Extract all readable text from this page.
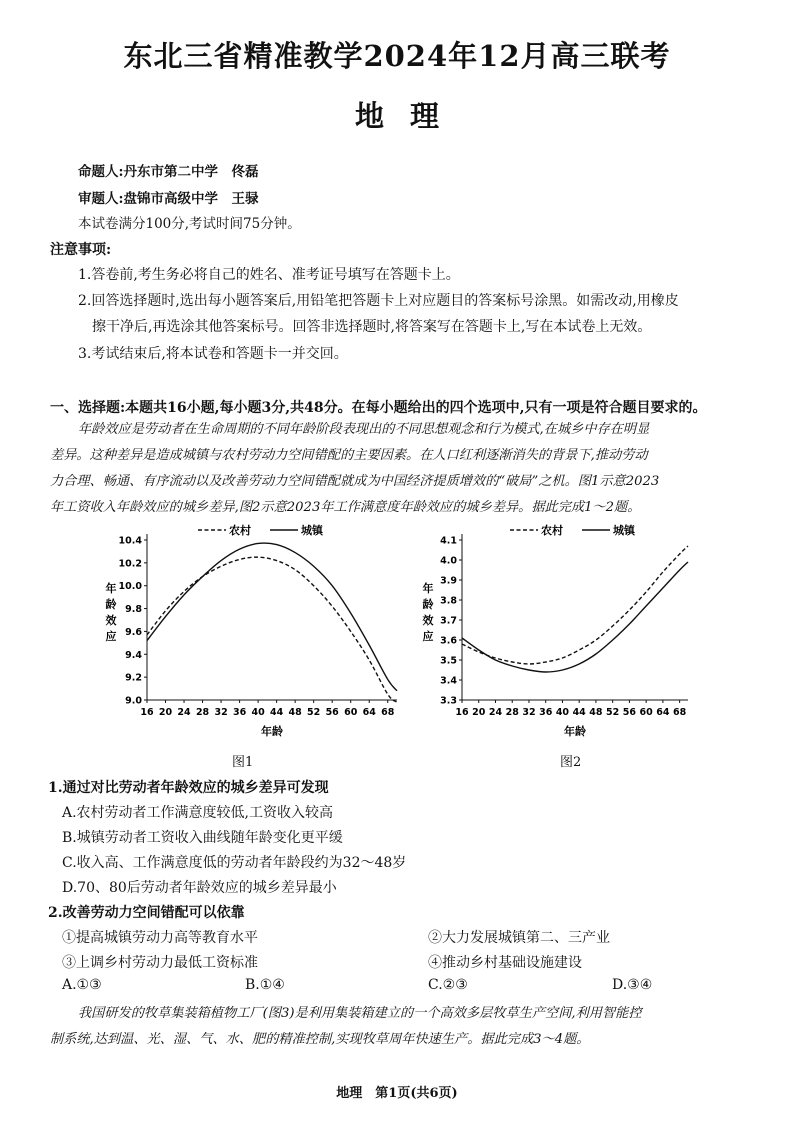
东北三省精准教学2024年12月高三联考
地理
命题人:丹东市第二中学　佟磊
审题人:盘锦市高级中学　王𫘧
本试卷满分100分,考试时间75分钟。
注意事项:
1.答卷前,考生务必将自己的姓名、准考证号填写在答题卡上。
2.回答选择题时,选出每小题答案后,用铅笔把答题卡上对应题目的答案标号涂黑。如需改动,用橡皮
擦干净后,再选涂其他答案标号。回答非选择题时,将答案写在答题卡上,写在本试卷上无效。
3.考试结束后,将本试卷和答题卡一并交回。
一、选择题:本题共16小题,每小题3分,共48分。在每小题给出的四个选项中,只有一项是符合题目要求的。

年龄效应是劳动者在生命周期的不同年龄阶段表现出的不同思想观念和行为模式,在城乡中存在明显

差异。这种差异是造成城镇与农村劳动力空间错配的主要因素。在人口红利逐渐消失的背景下,推动劳动
力合理、畅通、有序流动以及改善劳动力空间错配就成为中国经济提质增效的“破局”之机。图1示意2023
年工资收入年龄效应的城乡差异,图2示意2023年工作满意度年龄效应的城乡差异。据此完成1～2题。
16 20 24 28 32 36 40 44 48 52 56 60 64 68
9.0
9.2
9.4
9.6
9.8
10.0
10.2
10.4
年龄
年
龄
效
应
农村	城镇
图1
16 20 24 28 32 36 40 44 48 52 56 60 64 68
3.3
3.4
3.5
3.6
3.7
3.8
3.9
4.0
4.1
年龄
年
龄
效
应
农村	城镇
图2
1.通过对比劳动者年龄效应的城乡差异可发现
A.农村劳动者工作满意度较低,工资收入较高
B.城镇劳动者工资收入曲线随年龄变化更平缓
C.收入高、工作满意度低的劳动者年龄段约为32～48岁
D.70、80后劳动者年龄效应的城乡差异最小
2.改善劳动力空间错配可以依靠
①提高城镇劳动力高等教育水平	②大力发展城镇第二、三产业
③上调乡村劳动力最低工资标准	④推动乡村基础设施建设
A.①③	B.①④	C.②③	D.③④

我国研发的牧草集装箱植物工厂(图3)是利用集装箱建立的一个高效多层牧草生产空间,利用智能控

制系统,达到温、光、湿、气、水、肥的精准控制,实现牧草周年快速生产。据此完成3～4题。
地理　第1页(共6页)
